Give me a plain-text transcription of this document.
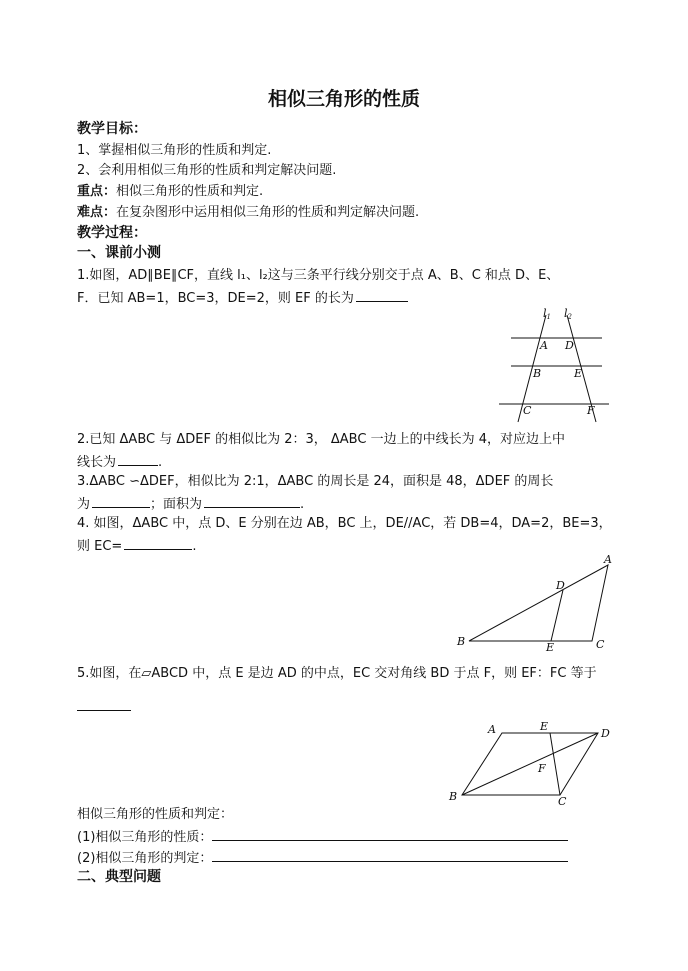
相似三角形的性质
教学目标：
1、掌握相似三角形的性质和判定.
2、会利用相似三角形的性质和判定解决问题.
重点：相似三角形的性质和判定.
难点：在复杂图形中运用相似三角形的性质和判定解决问题.
教学过程：
一、课前小测
1.如图，AD∥BE∥CF，直线 l₁、l₂这与三条平行线分别交于点 A、B、C 和点 D、E、
F．已知 AB=1，BC=3，DE=2，则 EF 的长为
l1 l2
A D
B	E
C	F
2.已知 ΔABC 与 ΔDEF 的相似比为 2：3， ΔABC 一边上的中线长为 4，对应边上中
线长为	.
3.ΔABC ∽ΔDEF，相似比为 2:1，ΔABC 的周长是 24，面积是 48，ΔDEF 的周长
为	；面积为	.
4. 如图，ΔABC 中，点 D、E 分别在边 AB，BC 上，DE//AC，若 DB=4，DA=2，BE=3，
则 EC=	.
A
D
B	E	C
5.如图，在▱ABCD 中，点 E 是边 AD 的中点，EC 交对角线 BD 于点 F，则 EF：FC 等于
A	E
D
F
B	C
相似三角形的性质和判定：
(1)相似三角形的性质：
(2)相似三角形的判定：
二、典型问题
